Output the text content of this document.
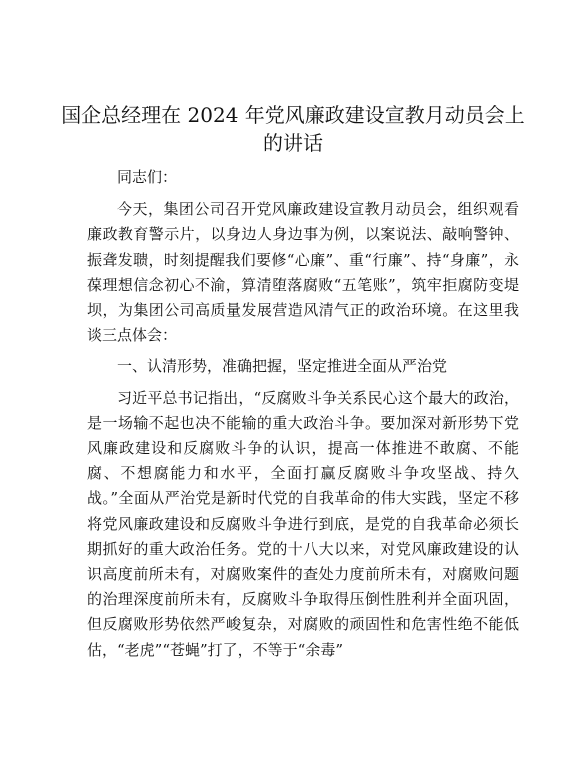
国企总经理在 2024 年党风廉政建设宣教月动员会上的讲话

同志们：

今天，集团公司召开党风廉政建设宣教月动员会，组织观看廉政教育警示片，以身边人身边事为例，以案说法、敲响警钟、振聋发聩，时刻提醒我们要修“心廉”、重“行廉”、持“身廉”，永葆理想信念初心不渝，算清堕落腐败“五笔账”，筑牢拒腐防变堤坝，为集团公司高质量发展营造风清气正的政治环境。在这里我谈三点体会：

一、认清形势，准确把握，坚定推进全面从严治党

习近平总书记指出，“反腐败斗争关系民心这个最大的政治，是一场输不起也决不能输的重大政治斗争。要加深对新形势下党风廉政建设和反腐败斗争的认识，提高一体推进不敢腐、不能腐、不想腐能力和水平，全面打赢反腐败斗争攻坚战、持久战。”全面从严治党是新时代党的自我革命的伟大实践，坚定不移将党风廉政建设和反腐败斗争进行到底，是党的自我革命必须长期抓好的重大政治任务。党的十八大以来，对党风廉政建设的认识高度前所未有，对腐败案件的查处力度前所未有，对腐败问题的治理深度前所未有，反腐败斗争取得压倒性胜利并全面巩固，但反腐败形势依然严峻复杂，对腐败的顽固性和危害性绝不能低估，“老虎”“苍蝇”打了，不等于“余毒”
